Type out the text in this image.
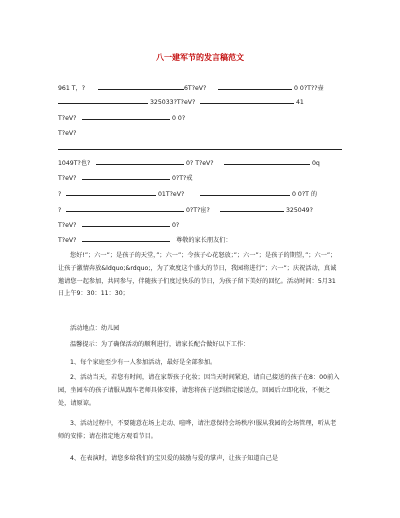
八一建军节的发言稿范文
961 T，?	6T?eV?	0 0?T??壶
325033?T?eV?	41
T?eV?	0 0?
T?eV?
1049T?也?	0? T?eV?	0q
T?eV?	0?T?戒
?	01T?eV?	0 0?T 的
?	0?T?宦?	325049?
T?eV?	0?
T?eV?	尊敬的家长朋友们：
您好!”；六一”；是孩子的天堂，”；六一”；令孩子心花怒放；”；六一”；是孩子的期望，”；六一”；让孩子激情奔放&ldquo;&rdquo;，为了欢度这个盛大的节日，我园将进行”；六一”；庆祝活动，真诚邀请您一起参加，共同参与，伴随孩子们度过快乐的节日，为孩子留下美好的回忆。活动时间：5月31日上午9：30：11：30；
活动地点：幼儿园
温馨提示：为了确保活动的顺利进行，请家长配合做好以下工作：
1、每个家庭至少有一人参加活动，最好是全部参加。
2、活动当天，若您有时间，请在家帮孩子化妆；因当天时间紧迫，请自己接送的孩子在8：00前入园，坐园车的孩子请服从跟车老师具体安排，请您将孩子送到指定接送点，回园后立即化妆，不便之处，请原谅。
3、活动过程中，不要随意在场上走动、喧哗，请注意保持会场秩序!服从我园的会场管理，听从老师的安排；请在指定地方观看节目。
4、在表演时，请您多给我们的宝贝爱的鼓励与爱的掌声，让孩子知道自己是
